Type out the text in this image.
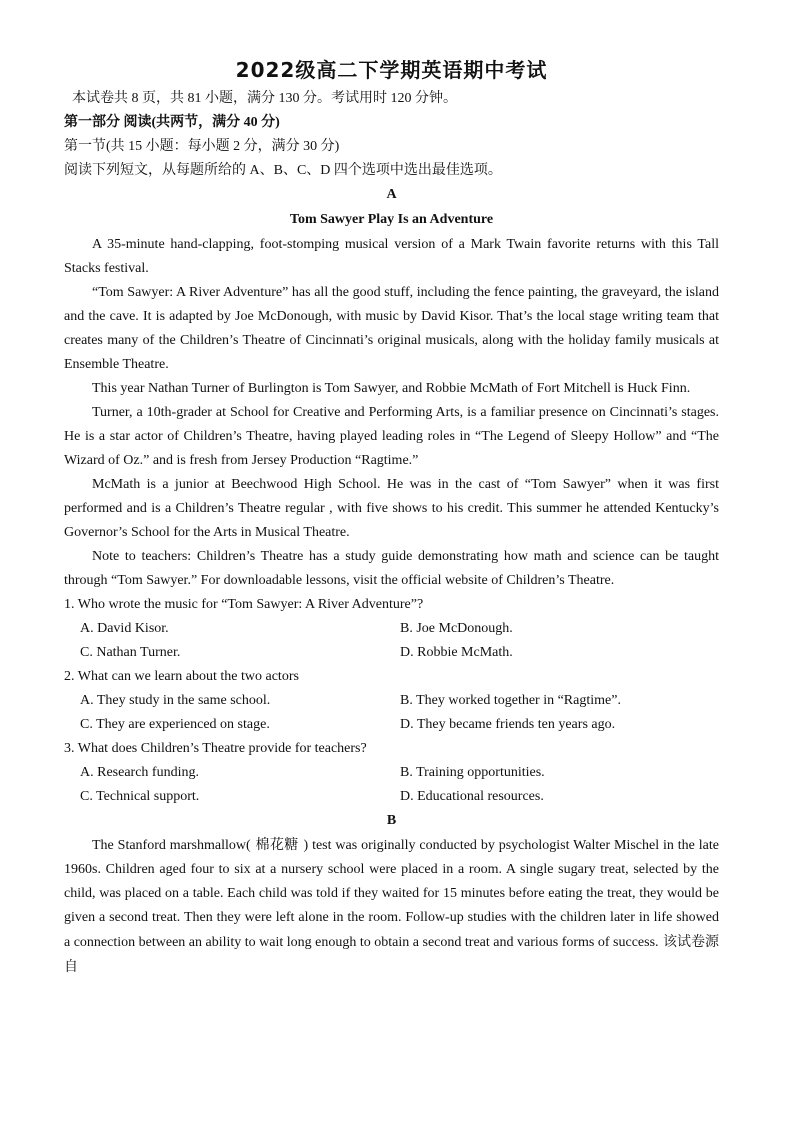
2022级高二下学期英语期中考试

本试卷共 8 页，共 81 小题，满分 130 分。考试用时 120 分钟。

第一部分 阅读(共两节，满分 40 分)

第一节(共 15 小题：每小题 2 分，满分 30 分)

阅读下列短文，从每题所给的 A、B、C、D 四个选项中选出最佳选项。

A
Tom Sawyer Play Is an Adventure

A 35-minute hand-clapping, foot-stomping musical version of a Mark Twain favorite returns with this Tall Stacks festival.

“Tom Sawyer: A River Adventure” has all the good stuff, including the fence painting, the graveyard, the island and the cave. It is adapted by Joe McDonough, with music by David Kisor. That’s the local stage writing team that creates many of the Children’s Theatre of Cincinnati’s original musicals, along with the holiday family musicals at Ensemble Theatre.

This year Nathan Turner of Burlington is Tom Sawyer, and Robbie McMath of Fort Mitchell is Huck Finn.

Turner, a 10th-grader at School for Creative and Performing Arts, is a familiar presence on Cincinnati’s stages. He is a star actor of Children’s Theatre, having played leading roles in “The Legend of Sleepy Hollow” and “The Wizard of Oz.” and is fresh from Jersey Production “Ragtime.”

McMath is a junior at Beechwood High School. He was in the cast of “Tom Sawyer” when it was first performed and is a Children’s Theatre regular , with five shows to his credit. This summer he attended Kentucky’s Governor’s School for the Arts in Musical Theatre.

Note to teachers: Children’s Theatre has a study guide demonstrating how math and science can be taught through “Tom Sawyer.” For downloadable lessons, visit the official website of Children’s Theatre.

1. Who wrote the music for “Tom Sawyer: A River Adventure”?

A. David Kisor.	B. Joe McDonough.
C. Nathan Turner.	D. Robbie McMath.

2. What can we learn about the two actors

A. They study in the same school.	B. They worked together in “Ragtime”.
C. They are experienced on stage.	D. They became friends ten years ago.

3. What does Children’s Theatre provide for teachers?

A. Research funding.	B. Training opportunities.
C. Technical support.	D. Educational resources.
B

The Stanford marshmallow( 棉花糖 ) test was originally conducted by psychologist Walter Mischel in the late 1960s. Children aged four to six at a nursery school were placed in a room. A single sugary treat, selected by the child, was placed on a table. Each child was told if they waited for 15 minutes before eating the treat, they would be given a second treat. Then they were left alone in the room. Follow-up studies with the children later in life showed a connection between an ability to wait long enough to obtain a second treat and various forms of success. 该试卷源自
